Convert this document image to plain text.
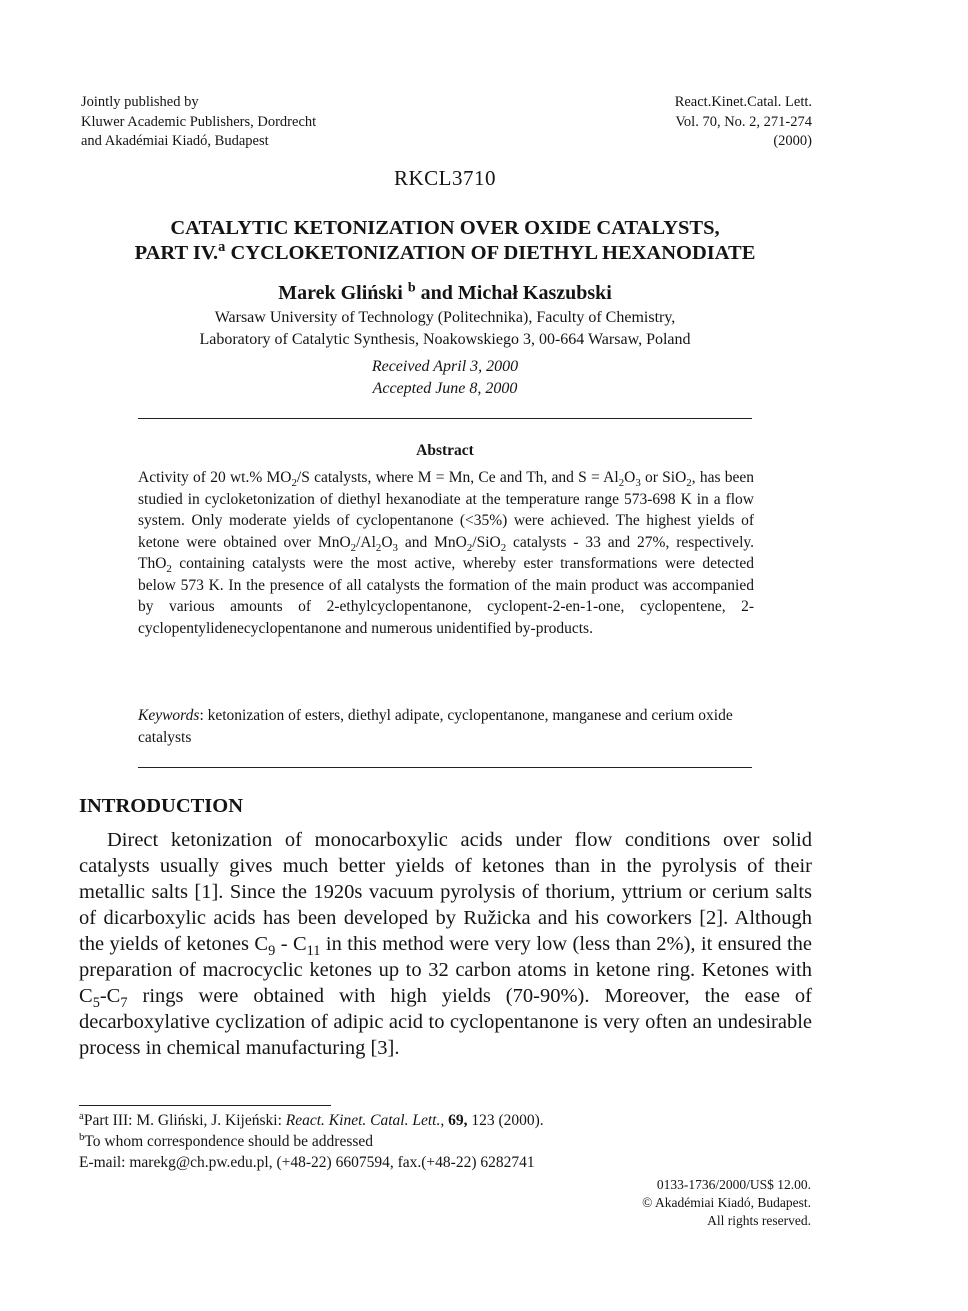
Jointly published by
Kluwer Academic Publishers, Dordrecht
and Akadémiai Kiadó, Budapest
React.Kinet.Catal. Lett.
Vol. 70, No. 2, 271-274
(2000)
RKCL3710
CATALYTIC KETONIZATION OVER OXIDE CATALYSTS,
PART IV.$^a$ CYCLOKETONIZATION OF DIETHYL HEXANODIATE
Marek Gliński $^b$ and Michał Kaszubski
Warsaw University of Technology (Politechnika), Faculty of Chemistry,
Laboratory of Catalytic Synthesis, Noakowskiego 3, 00-664 Warsaw, Poland
Received April 3, 2000
Accepted June 8, 2000
Abstract
Activity of 20 wt.% $MO_2/S$ catalysts, where M = Mn, Ce and Th, and $S = Al_2O_3$ or SiO$_2$, has been studied in cycloketonization of diethyl hexanodiate at the temperature range 573-698 K in a flow system. Only moderate yields of cyclopentanone (<35%) were achieved. The highest yields of ketone were obtained over $MnO_2/Al_2O_3$ and MnO$_2$/SiO$_2$ catalysts - 33 and 27%, respectively. ThO$_2$ containing catalysts were the most active, whereby ester transformations were detected below 573 K. In the presence of all catalysts the formation of the main product was accompanied by various amounts of 2-ethylcyclopentanone, cyclopent-2-en-1-one, cyclopentene, 2-cyclopentylidenecyclopentanone and numerous unidentified by-products.
Keywords: ketonization of esters, diethyl adipate, cyclopentanone, manganese and cerium oxide catalysts
INTRODUCTION

Direct ketonization of monocarboxylic acids under flow conditions over solid catalysts usually gives much better yields of ketones than in the pyrolysis of their metallic salts [1]. Since the 1920s vacuum pyrolysis of thorium, yttrium or cerium salts of dicarboxylic acids has been developed by Ružicka and his coworkers [2]. Although the yields of ketones $C_9 - C_{11}$ in this method were very low (less than 2%), it ensured the preparation of macrocyclic ketones up to 32 carbon atoms in ketone ring. Ketones with $C_5-C_7$ rings were obtained with high yields (70-90%). Moreover, the ease of decarboxylative cyclization of adipic acid to cyclopentanone is very often an undesirable process in chemical manufacturing [3].

$^a$Part III: M. Gliński, J. Kijeński: React. Kinet. Catal. Lett., 69, 123 (2000).
$^b$To whom correspondence should be addressed
E-mail: marekg@ch.pw.edu.pl, (+48-22) 6607594, fax.(+48-22) 6282741
0133-1736/2000/US$ 12.00.
© Akadémiai Kiadó, Budapest.
All rights reserved.
